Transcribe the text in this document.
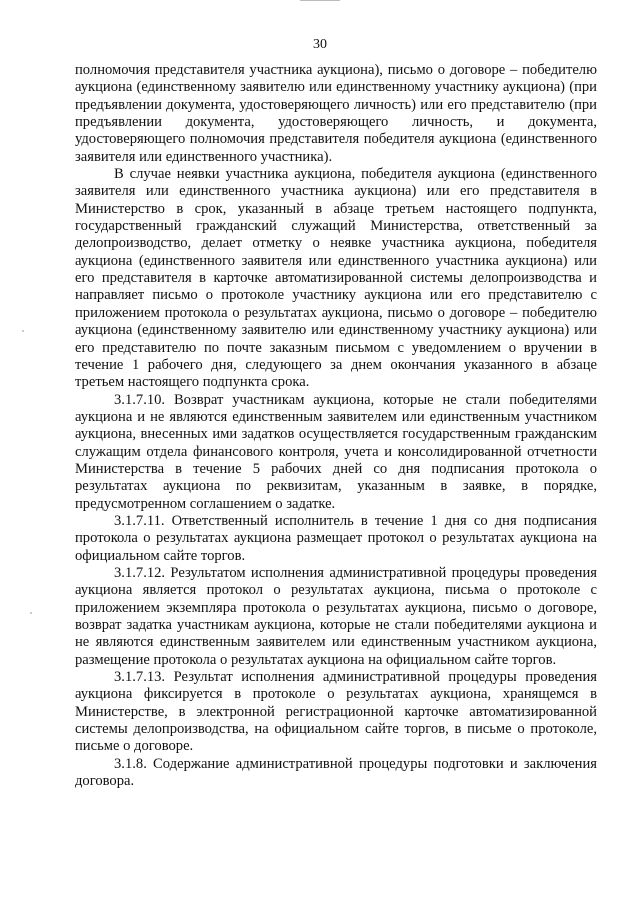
30

полномочия представителя участника аукциона), письмо о договоре – победителю аукциона (единственному заявителю или единственному участнику аукциона) (при предъявлении документа, удостоверяющего личность) или его представителю (при предъявлении документа, удостоверяющего личность, и документа, удостоверяющего полномочия представителя победителя аукциона (единственного заявителя или единственного участника).

В случае неявки участника аукциона, победителя аукциона (единственного заявителя или единственного участника аукциона) или его представителя в Министерство в срок, указанный в абзаце третьем настоящего подпункта, государственный гражданский служащий Министерства, ответственный за делопроизводство, делает отметку о неявке участника аукциона, победителя аукциона (единственного заявителя или единственного участника аукциона) или его представителя в карточке автоматизированной системы делопроизводства и направляет письмо о протоколе участнику аукциона или его представителю с приложением протокола о результатах аукциона, письмо о договоре – победителю аукциона (единственному заявителю или единственному участнику аукциона) или его представителю по почте заказным письмом с уведомлением о вручении в течение 1 рабочего дня, следующего за днем окончания указанного в абзаце третьем настоящего подпункта срока.

3.1.7.10. Возврат участникам аукциона, которые не стали победителями аукциона и не являются единственным заявителем или единственным участником аукциона, внесенных ими задатков осуществляется государственным гражданским служащим отдела финансового контроля, учета и консолидированной отчетности Министерства в течение 5 рабочих дней со дня подписания протокола о результатах аукциона по реквизитам, указанным в заявке, в порядке, предусмотренном соглашением о задатке.

3.1.7.11. Ответственный исполнитель в течение 1 дня со дня подписания протокола о результатах аукциона размещает протокол о результатах аукциона на официальном сайте торгов.

3.1.7.12. Результатом исполнения административной процедуры проведения аукциона является протокол о результатах аукциона, письма о протоколе с приложением экземпляра протокола о результатах аукциона, письмо о договоре, возврат задатка участникам аукциона, которые не стали победителями аукциона и не являются единственным заявителем или единственным участником аукциона, размещение протокола о результатах аукциона на официальном сайте торгов.

3.1.7.13. Результат исполнения административной процедуры проведения аукциона фиксируется в протоколе о результатах аукциона, хранящемся в Министерстве, в электронной регистрационной карточке автоматизированной системы делопроизводства, на официальном сайте торгов, в письме о протоколе, письме о договоре.

3.1.8. Содержание административной процедуры подготовки и заключения договора.
